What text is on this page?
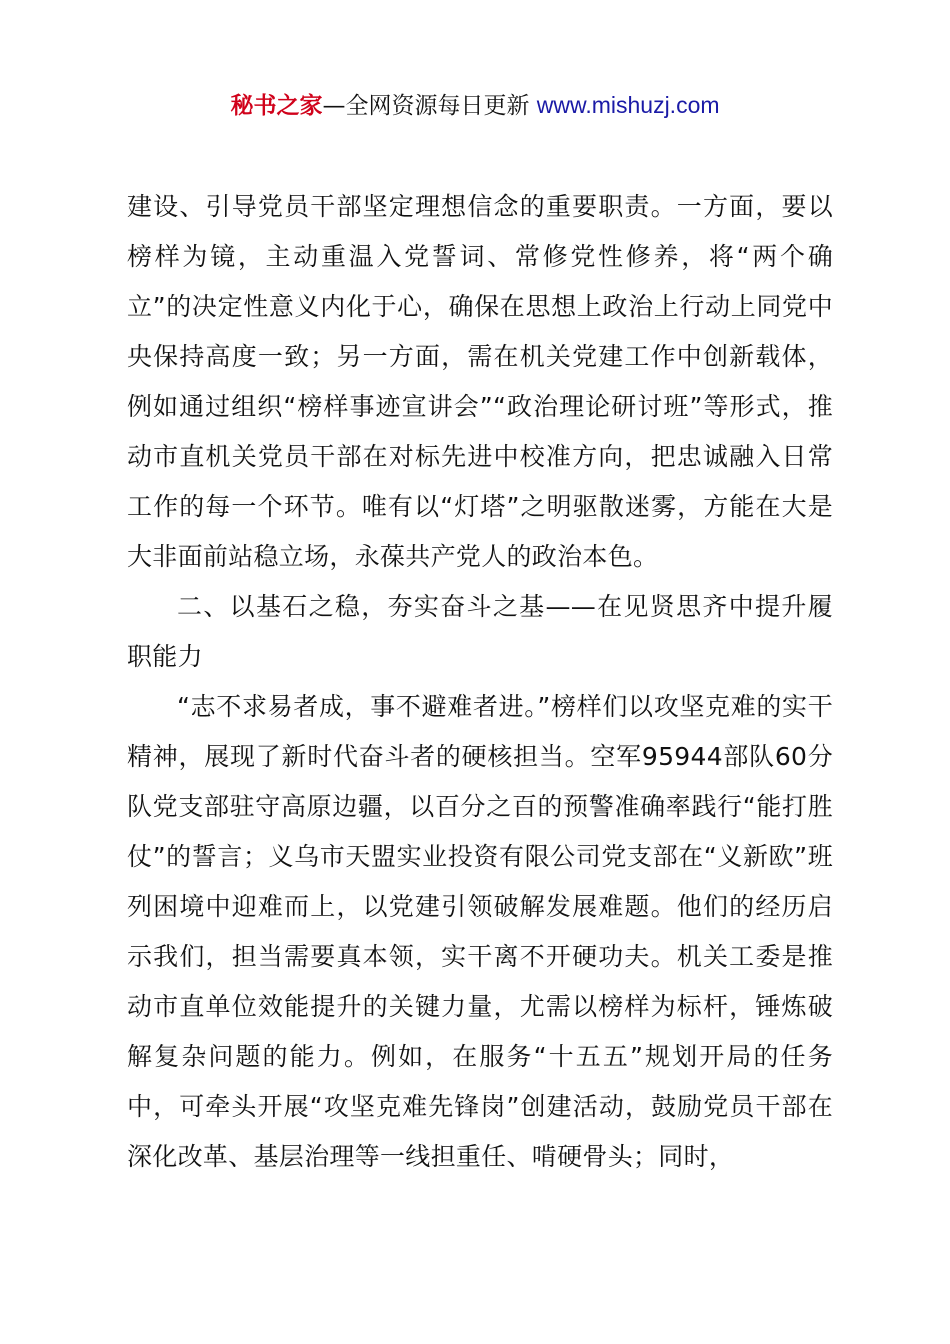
秘书之家—全网资源每日更新 www.mishuzj.com

建设、引导党员干部坚定理想信念的重要职责。一方面，要以榜样为镜，主动重温入党誓词、常修党性修养，将“两个确立”的决定性意义内化于心，确保在思想上政治上行动上同党中央保持高度一致；另一方面，需在机关党建工作中创新载体，例如通过组织“榜样事迹宣讲会”“政治理论研讨班”等形式，推动市直机关党员干部在对标先进中校准方向，把忠诚融入日常工作的每一个环节。唯有以“灯塔”之明驱散迷雾，方能在大是大非面前站稳立场，永葆共产党人的政治本色。

二、以基石之稳，夯实奋斗之基——在见贤思齐中提升履职能力

“志不求易者成，事不避难者进。”榜样们以攻坚克难的实干精神，展现了新时代奋斗者的硬核担当。空军95944部队60分队党支部驻守高原边疆，以百分之百的预警准确率践行“能打胜仗”的誓言；义乌市天盟实业投资有限公司党支部在“义新欧”班列困境中迎难而上，以党建引领破解发展难题。他们的经历启示我们，担当需要真本领，实干离不开硬功夫。机关工委是推动市直单位效能提升的关键力量，尤需以榜样为标杆，锤炼破解复杂问题的能力。例如，在服务“十五五”规划开局的任务中，可牵头开展“攻坚克难先锋岗”创建活动，鼓励党员干部在深化改革、基层治理等一线担重任、啃硬骨头；同时，
